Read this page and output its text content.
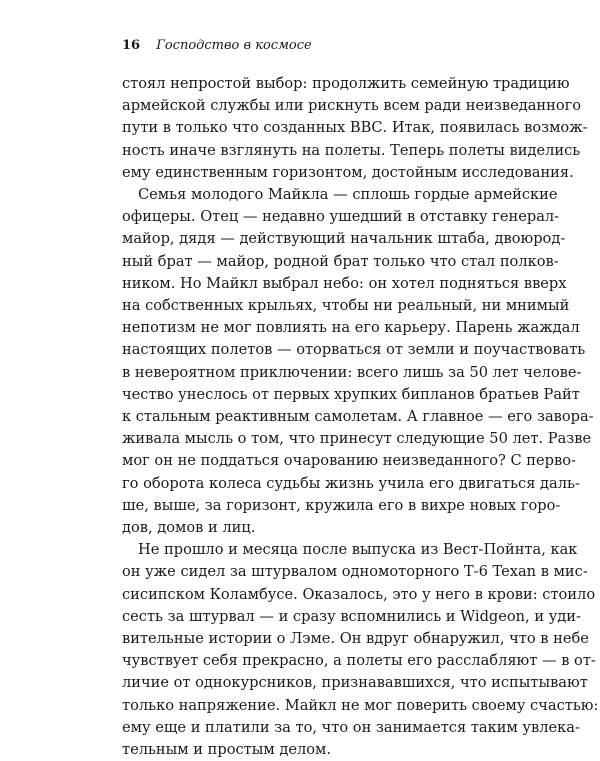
16 Господство в космосе
стоял непростой выбор: продолжить семейную традицию
армейской службы или рискнуть всем ради неизведанного
пути в только что созданных ВВС. Итак, появилась возмож-
ность иначе взглянуть на полеты. Теперь полеты виделись
ему единственным горизонтом, достойным исследования.
Семья молодого Майкла — сплошь гордые армейские
офицеры. Отец — недавно ушедший в отставку генерал-
майор, дядя — действующий начальник штаба, двоюрод-
ный брат — майор, родной брат только что стал полков-
ником. Но Майкл выбрал небо: он хотел подняться вверх
на собственных крыльях, чтобы ни реальный, ни мнимый
непотизм не мог повлиять на его карьеру. Парень жаждал
настоящих полетов — оторваться от земли и поучаствовать
в невероятном приключении: всего лишь за 50 лет челове-
чество унеслось от первых хрупких бипланов братьев Райт
к стальным реактивным самолетам. А главное — его завора-
живала мысль о том, что принесут следующие 50 лет. Разве
мог он не поддаться очарованию неизведанного? С перво-
го оборота колеса судьбы жизнь учила его двигаться даль-
ше, выше, за горизонт, кружила его в вихре новых горо-
дов, домов и лиц.
Не прошло и месяца после выпуска из Вест-Пойнта, как
он уже сидел за штурвалом одномоторного Т-6 Texan в мис-
сисипском Коламбусе. Оказалось, это у него в крови: стоило
сесть за штурвал — и сразу вспомнились и Widgeon, и уди-
вительные истории о Лэме. Он вдруг обнаружил, что в небе
чувствует себя прекрасно, а полеты его расслабляют — в от-
личие от однокурсников, признававшихся, что испытывают
только напряжение. Майкл не мог поверить своему счастью:
ему еще и платили за то, что он занимается таким увлека-
тельным и простым делом.
